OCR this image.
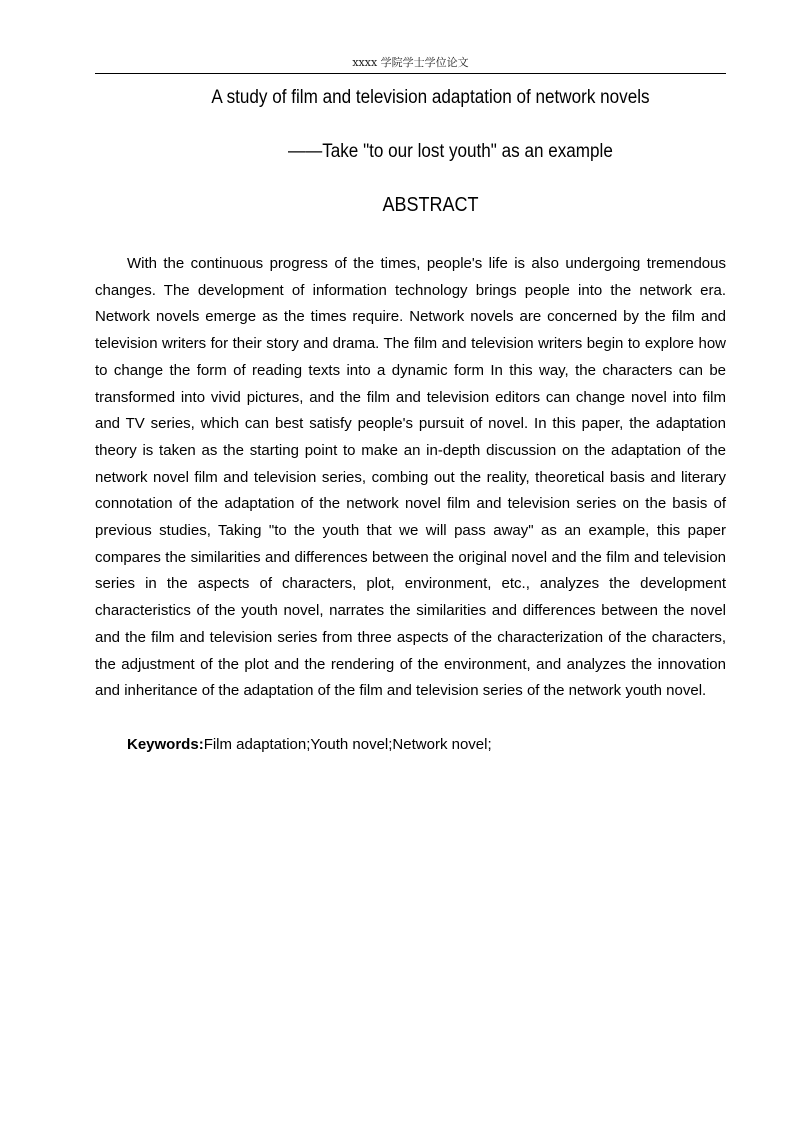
xxxx 学院学士学位论文
A study of film and television adaptation of network novels
——Take "to our lost youth" as an example
ABSTRACT

With the continuous progress of the times, people's life is also undergoing tremendous changes. The development of information technology brings people into the network era. Network novels emerge as the times require. Network novels are concerned by the film and television writers for their story and drama. The film and television writers begin to explore how to change the form of reading texts into a dynamic form In this way, the characters can be transformed into vivid pictures, and the film and television editors can change novel into film and TV series, which can best satisfy people's pursuit of novel. In this paper, the adaptation theory is taken as the starting point to make an in-depth discussion on the adaptation of the network novel film and television series, combing out the reality, theoretical basis and literary connotation of the adaptation of the network novel film and television series on the basis of previous studies, Taking "to the youth that we will pass away" as an example, this paper compares the similarities and differences between the original novel and the film and television series in the aspects of characters, plot, environment, etc., analyzes the development characteristics of the youth novel, narrates the similarities and differences between the novel and the film and television series from three aspects of the characterization of the characters, the adjustment of the plot and the rendering of the environment, and analyzes the innovation and inheritance of the adaptation of the film and television series of the network youth novel.

Keywords:Film adaptation;Youth novel;Network novel;
